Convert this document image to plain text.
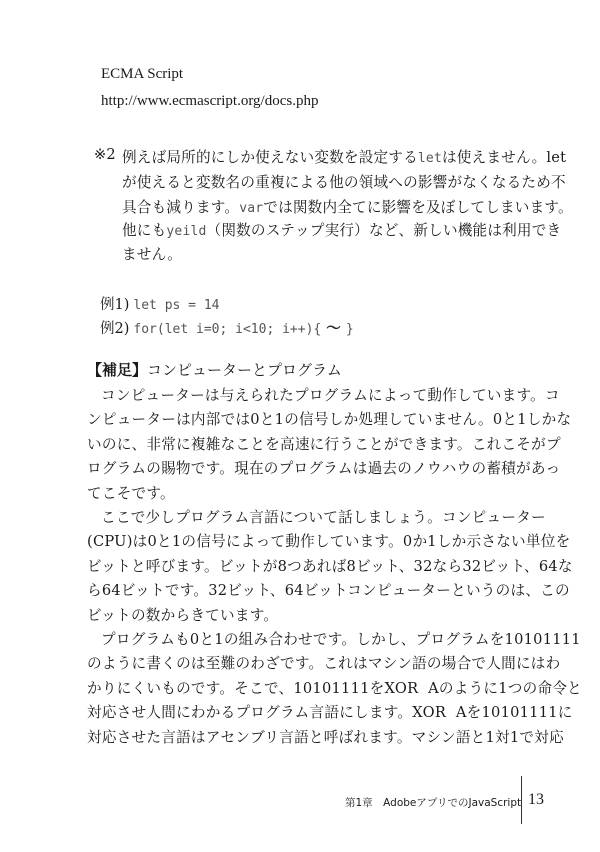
ECMA Script
http://www.ecmascript.org/docs.php
※2 例えば局所的にしか使えない変数を設定するletは使えません。let
が使えると変数名の重複による他の領域への影響がなくなるため不
具合も減ります。varでは関数内全てに影響を及ぼしてしまいます。
他にもyeild（関数のステップ実行）など、新しい機能は利用でき
ません。
例1) let ps = 14
例2) for(let i=0; i<10; i++){ 〜 }
【補足】コンピューターとプログラム
コンピューターは与えられたプログラムによって動作しています。コ
ンピューターは内部では0と1の信号しか処理していません。0と1しかな
いのに、非常に複雑なことを高速に行うことができます。これこそがプ
ログラムの賜物です。現在のプログラムは過去のノウハウの蓄積があっ
てこそです。
ここで少しプログラム言語について話しましょう。コンピューター
(CPU)は0と1の信号によって動作しています。0か1しか示さない単位を
ビットと呼びます。ビットが8つあれば8ビット、32なら32ビット、64な
ら64ビットです。32ビット、64ビットコンピューターというのは、この
ビットの数からきています。
プログラムも0と1の組み合わせです。しかし、プログラムを10101111
のように書くのは至難のわざです。これはマシン語の場合で人間にはわ
かりにくいものです。そこで、10101111をXOR  Aのように1つの命令と
対応させ人間にわかるプログラム言語にします。XOR  Aを10101111に
対応させた言語はアセンブリ言語と呼ばれます。マシン語と1対1で対応
第1章　AdobeアプリでのJavaScript 13
